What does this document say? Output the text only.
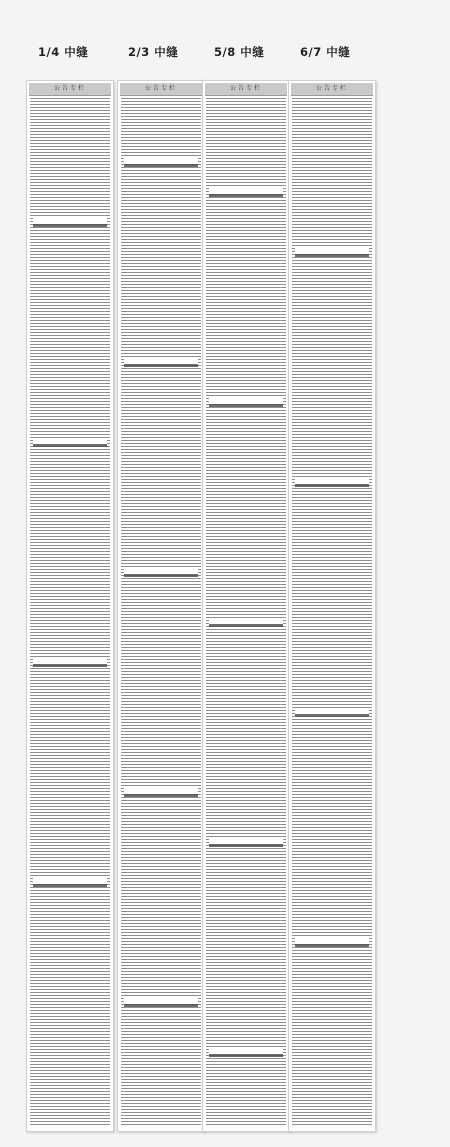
1/4 中缝
公告专栏
2/3 中缝
公告专栏
5/8 中缝
公告专栏
6/7 中缝
公告专栏
